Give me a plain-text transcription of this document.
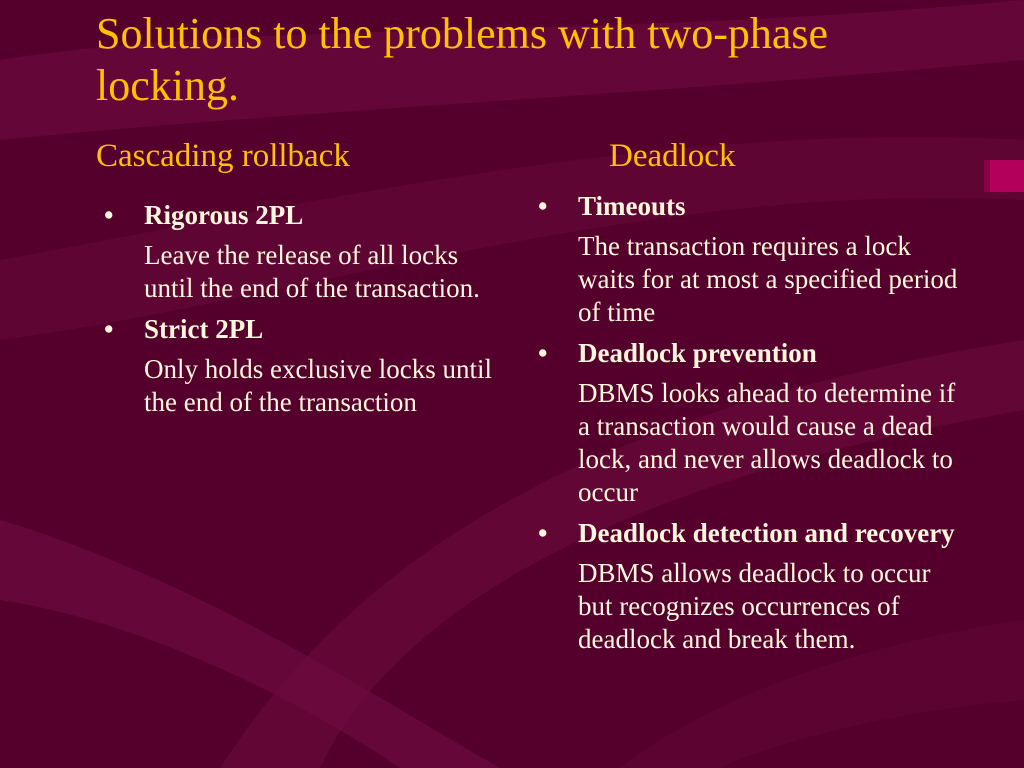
Solutions to the problems with two-phase locking.
Cascading rollback	Deadlock
• Rigorous 2PL
Leave the release of all locks until the end of the transaction.
• Strict 2PL
Only holds exclusive locks until the end of the transaction
• Timeouts
The transaction requires a lock waits for at most a specified period of time
• Deadlock prevention
DBMS looks ahead to determine if a transaction would cause a dead lock, and never allows deadlock to occur
• Deadlock detection and recovery
DBMS allows deadlock to occur but recognizes occurrences of deadlock and break them.
